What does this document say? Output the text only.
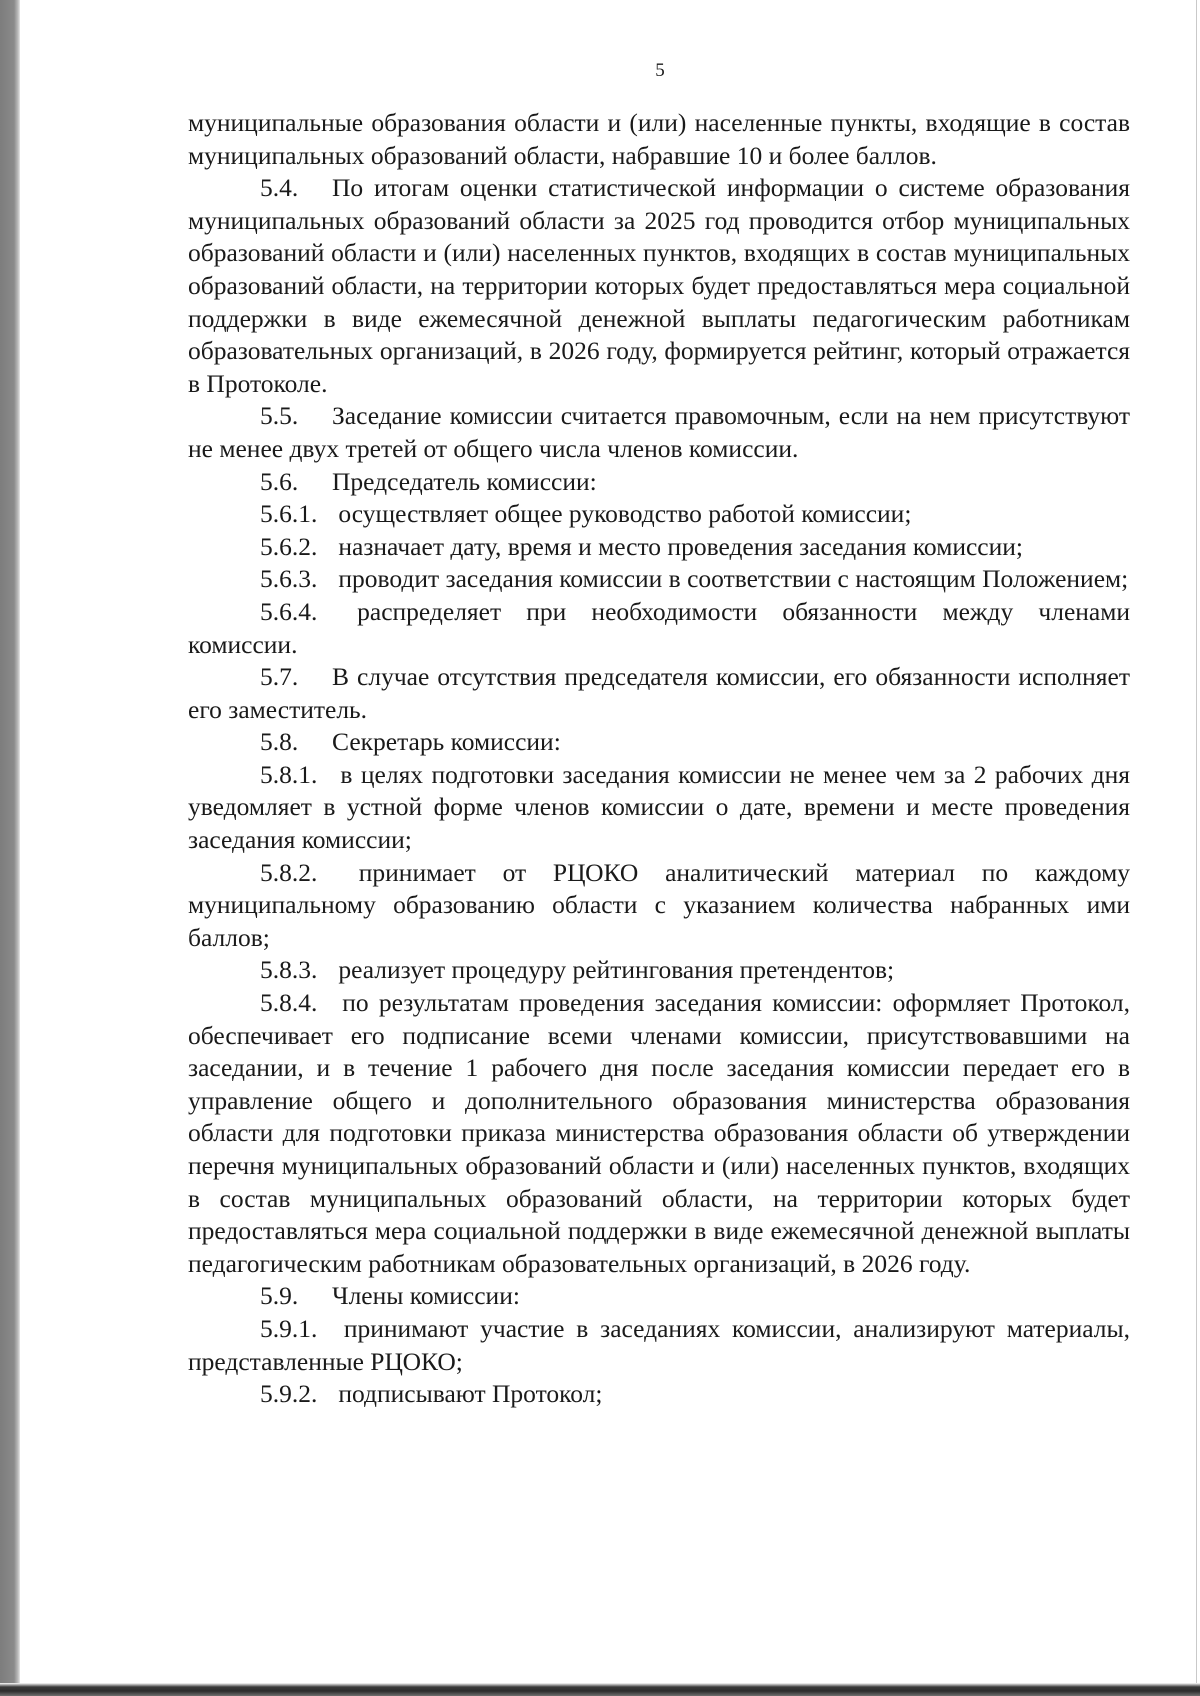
5

муниципальные образования области и (или) населенные пункты, входящие в состав муниципальных образований области, набравшие 10 и более баллов.

5.4. По итогам оценки статистической информации о системе образования муниципальных образований области за 2025 год проводится отбор муниципальных образований области и (или) населенных пунктов, входящих в состав муниципальных образований области, на территории которых будет предоставляться мера социальной поддержки в виде ежемесячной денежной выплаты педагогическим работникам образовательных организаций, в 2026 году, формируется рейтинг, который отражается в Протоколе.

5.5. Заседание комиссии считается правомочным, если на нем присутствуют не менее двух третей от общего числа членов комиссии.

5.6. Председатель комиссии:

5.6.1. осуществляет общее руководство работой комиссии;

5.6.2. назначает дату, время и место проведения заседания комиссии;

5.6.3. проводит заседания комиссии в соответствии с настоящим Положением;

5.6.4. распределяет при необходимости обязанности между членами комиссии.

5.7. В случае отсутствия председателя комиссии, его обязанности исполняет его заместитель.

5.8. Секретарь комиссии:

5.8.1. в целях подготовки заседания комиссии не менее чем за 2 рабочих дня уведомляет в устной форме членов комиссии о дате, времени и месте проведения заседания комиссии;

5.8.2. принимает от РЦОКО аналитический материал по каждому муниципальному образованию области с указанием количества набранных ими баллов;

5.8.3. реализует процедуру рейтингования претендентов;

5.8.4. по результатам проведения заседания комиссии: оформляет Протокол, обеспечивает его подписание всеми членами комиссии, присутствовавшими на заседании, и в течение 1 рабочего дня после заседания комиссии передает его в управление общего и дополнительного образования министерства образования области для подготовки приказа министерства образования области об утверждении перечня муниципальных образований области и (или) населенных пунктов, входящих в состав муниципальных образований области, на территории которых будет предоставляться мера социальной поддержки в виде ежемесячной денежной выплаты педагогическим работникам образовательных организаций, в 2026 году.

5.9. Члены комиссии:

5.9.1. принимают участие в заседаниях комиссии, анализируют материалы, представленные РЦОКО;

5.9.2. подписывают Протокол;
